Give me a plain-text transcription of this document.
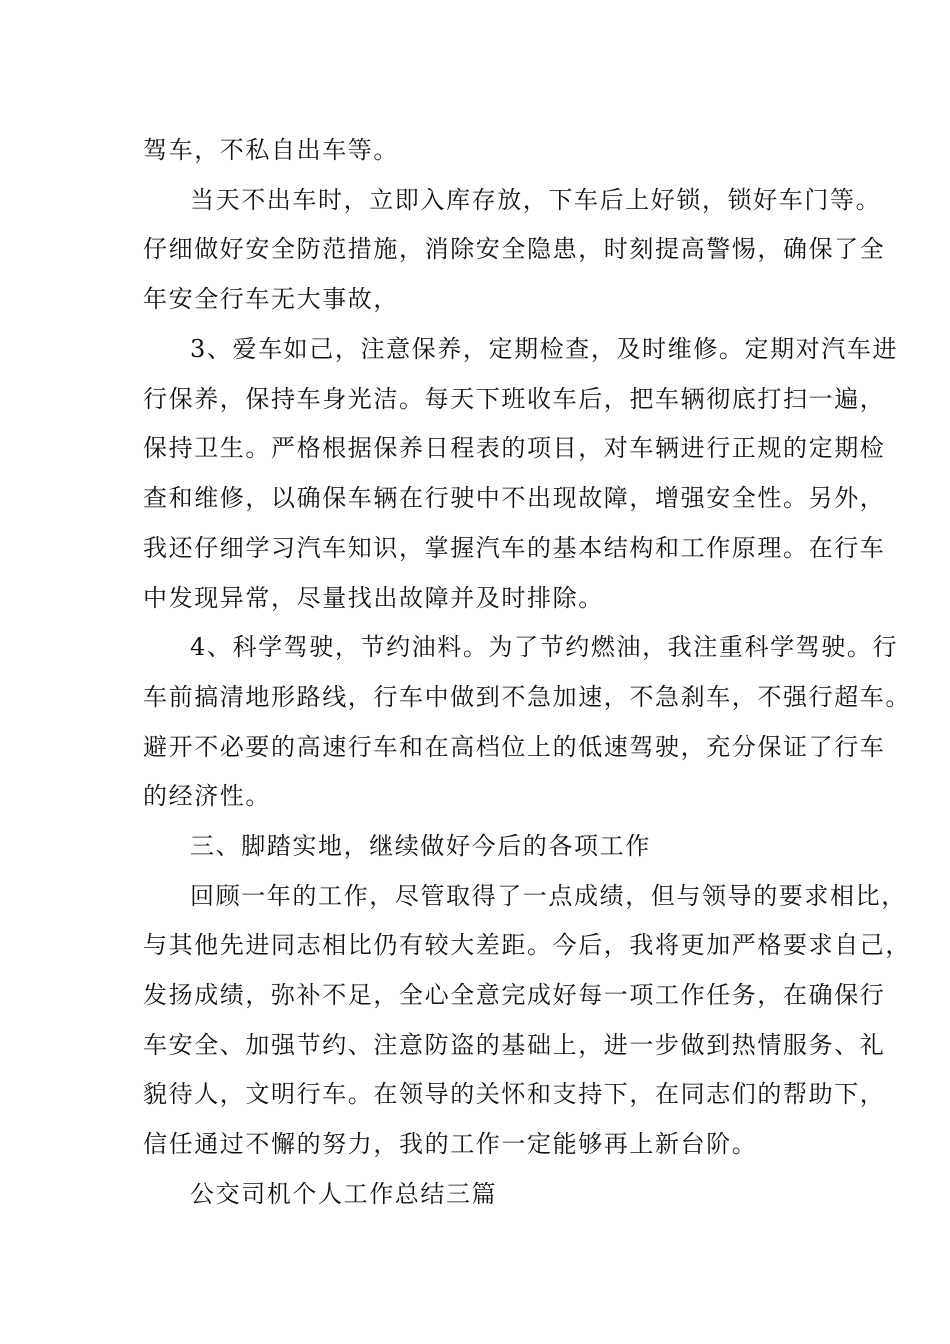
驾车，不私自出车等。
当天不出车时，立即入库存放，下车后上好锁，锁好车门等。
仔细做好安全防范措施，消除安全隐患，时刻提高警惕，确保了全
年安全行车无大事故，
3、爱车如己，注意保养，定期检查，及时维修。定期对汽车进
行保养，保持车身光洁。每天下班收车后，把车辆彻底打扫一遍，
保持卫生。严格根据保养日程表的项目，对车辆进行正规的定期检
查和维修，以确保车辆在行驶中不出现故障，增强安全性。另外，
我还仔细学习汽车知识，掌握汽车的基本结构和工作原理。在行车
中发现异常，尽量找出故障并及时排除。
4、科学驾驶，节约油料。为了节约燃油，我注重科学驾驶。行
车前搞清地形路线，行车中做到不急加速，不急刹车，不强行超车。
避开不必要的高速行车和在高档位上的低速驾驶，充分保证了行车
的经济性。
三、脚踏实地，继续做好今后的各项工作
回顾一年的工作，尽管取得了一点成绩，但与领导的要求相比，
与其他先进同志相比仍有较大差距。今后，我将更加严格要求自己，
发扬成绩，弥补不足，全心全意完成好每一项工作任务，在确保行
车安全、加强节约、注意防盗的基础上，进一步做到热情服务、礼
貌待人，文明行车。在领导的关怀和支持下，在同志们的帮助下，
信任通过不懈的努力，我的工作一定能够再上新台阶。
公交司机个人工作总结三篇
